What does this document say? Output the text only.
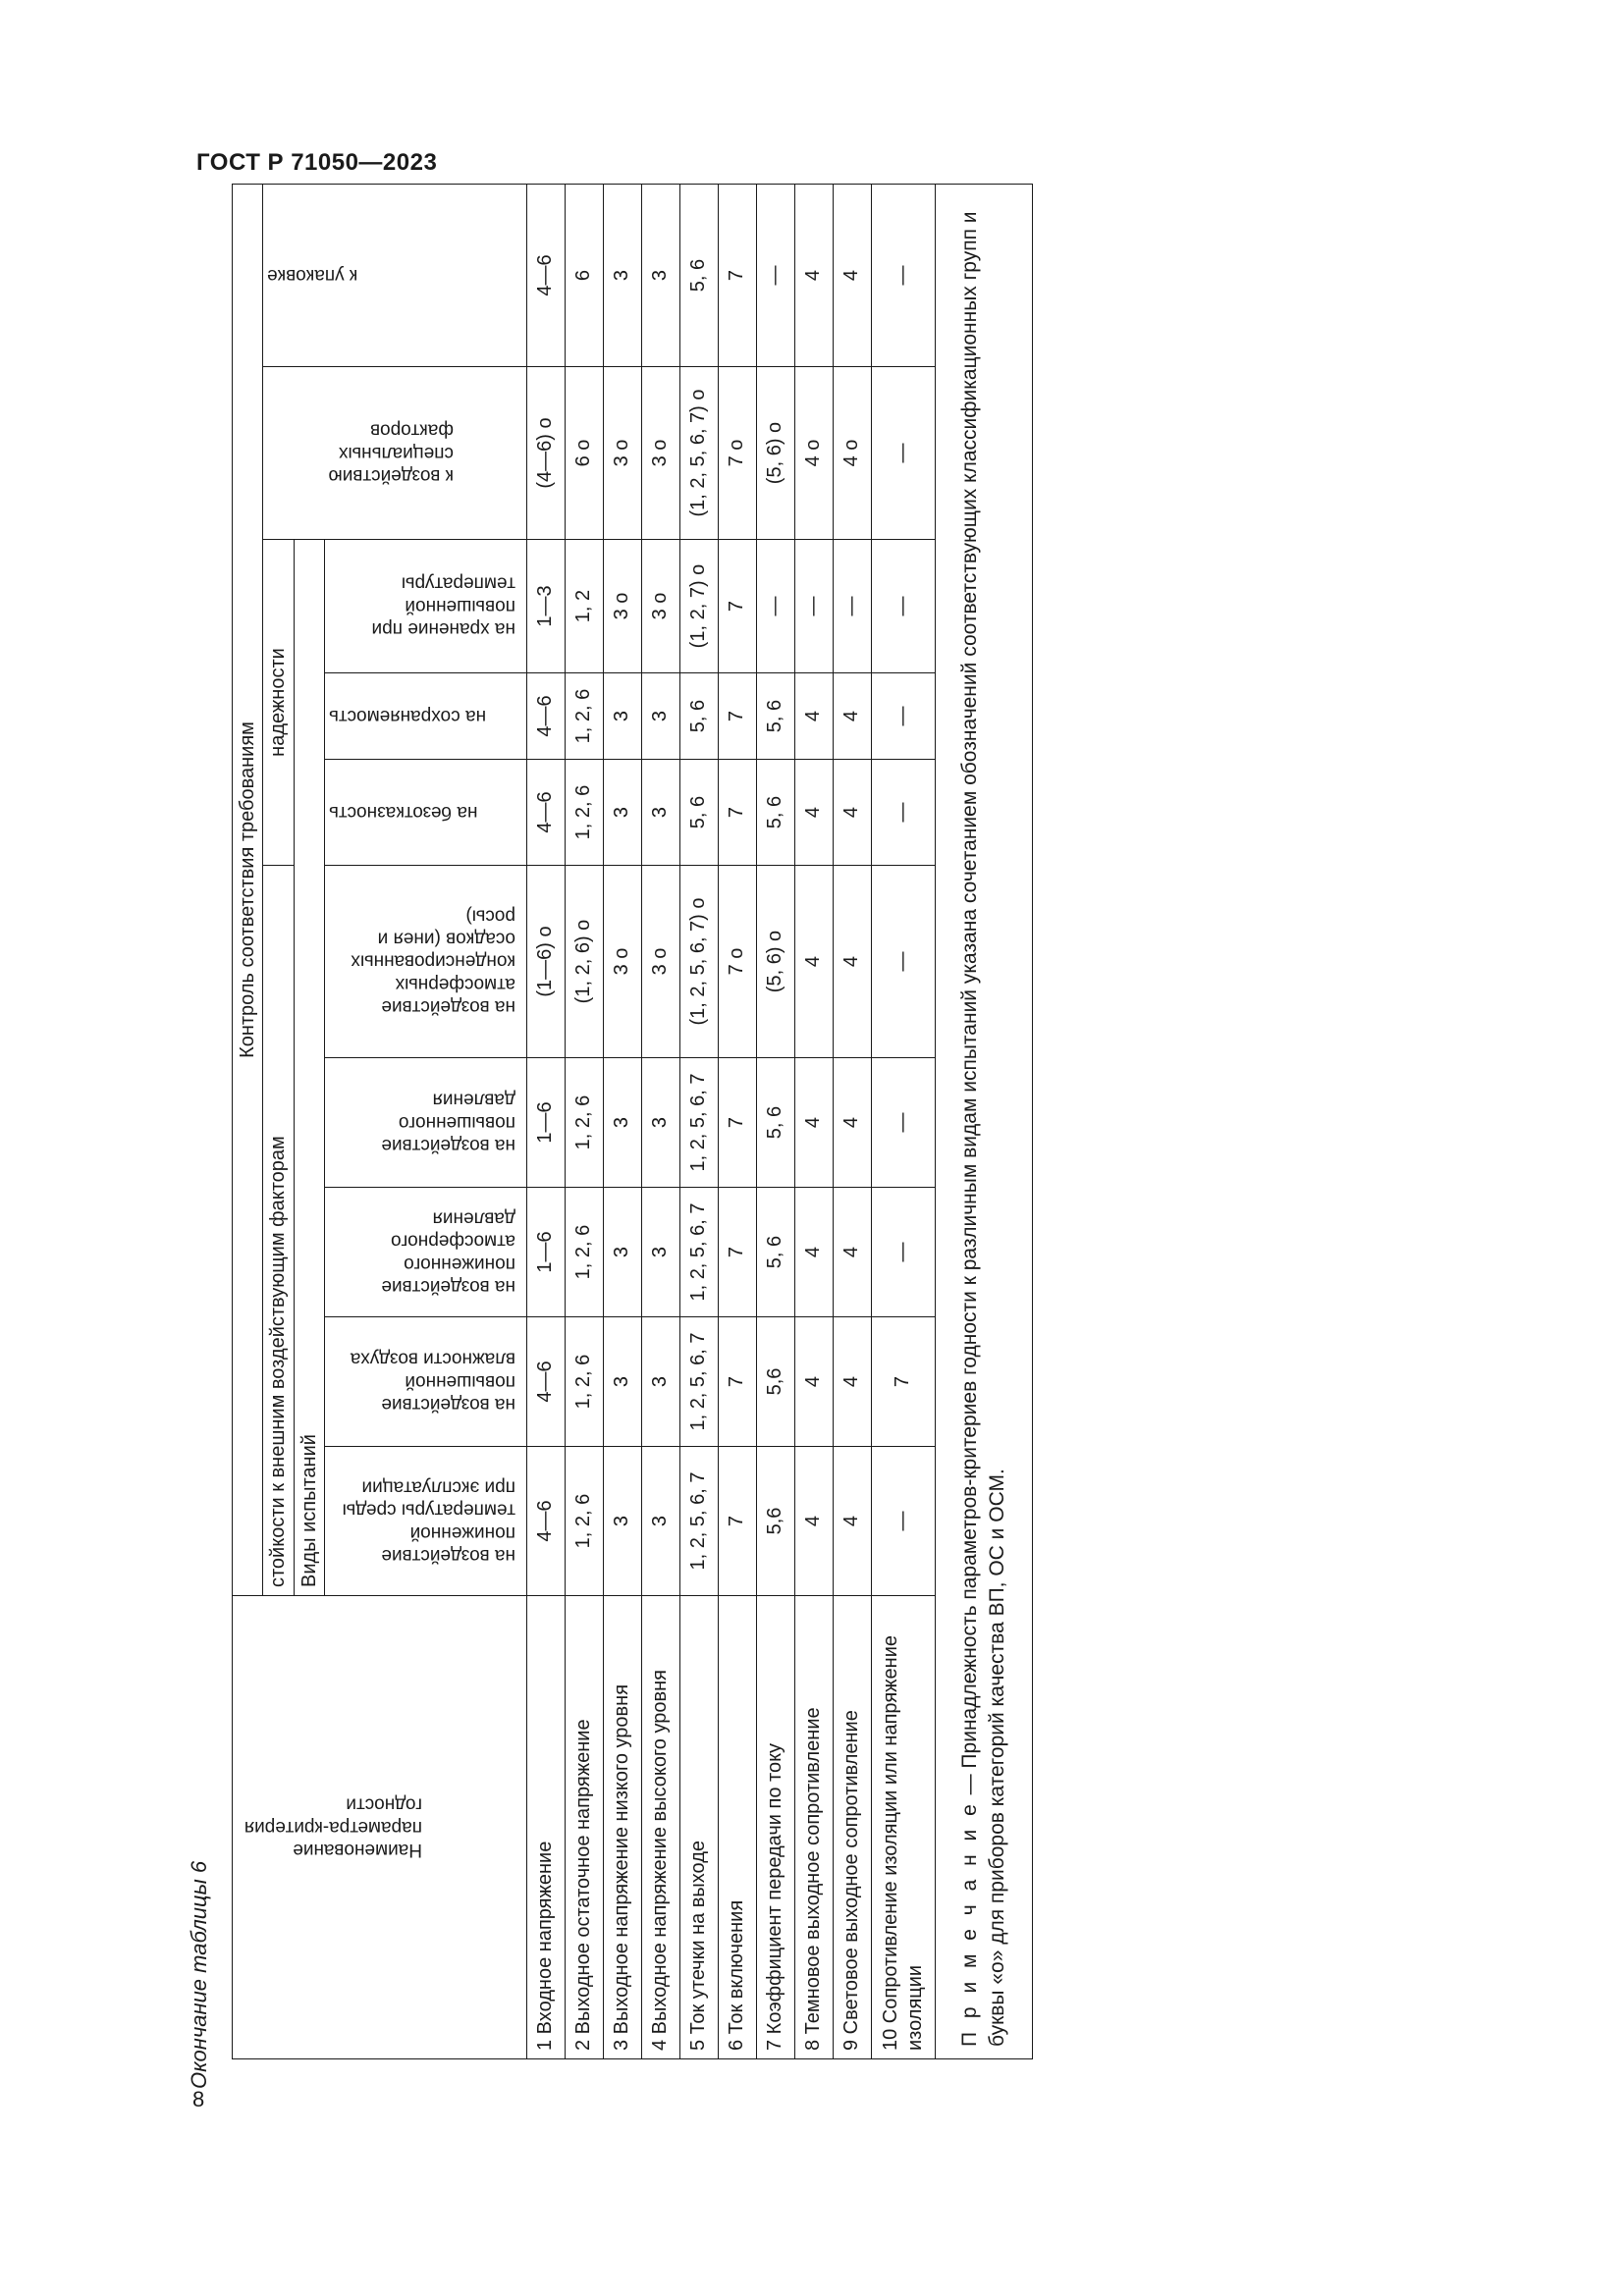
ГОСТ Р 71050—2023
8
Окончание таблицы 6
Наименование параметра-критерия годности	Контроль соответствия требованиям									
	стойкости к внешним воздействующим факторам					надежности			к воздействию специальных факторов	к упаковке
	Виды испытаний									
	на воздействие пониженной температуры среды при эксплуатации	на воздействие повышенной влажности воздуха	на воздействие пониженного атмосферного давления	на воздействие повышенного давления	на воздействие атмосферных конденсированных осадков (инея и росы)	на безотказность	на сохраняемость	на хранение при повышенной температуры		
1 Входное напряжение	4—6	4—6	1—6	1—6	(1—6) о	4—6	4—6	1—3	(4—6) о	4—6
2 Выходное остаточное напряжение	1, 2, 6	1, 2, 6	1, 2, 6	1, 2, 6	(1, 2, 6) о	1, 2, 6	1, 2, 6	1, 2	6 о	6
3 Выходное напряжение низкого уровня	3	3	3	3	3 о	3	3	3 о	3 о	3
4 Выходное напряжение высокого уровня	3	3	3	3	3 о	3	3	3 о	3 о	3
5 Ток утечки на выходе	1, 2, 5, 6, 7	1, 2, 5, 6, 7	1, 2, 5, 6, 7	1, 2, 5, 6, 7	(1, 2, 5, 6, 7) о	5, 6	5, 6	(1, 2, 7) о	(1, 2, 5, 6, 7) о	5, 6
6 Ток включения	7	7	7	7	7 о	7	7	7	7 о	7
7 Коэффициент передачи по току	5,6	5,6	5, 6	5, 6	(5, 6) о	5, 6	5, 6	—	(5, 6) о	—
8 Темновое выходное сопротивление	4	4	4	4	4	4	4	—	4 о	4
9 Световое выходное сопротивление	4	4	4	4	4	4	4	—	4 о	4
10 Сопротивление изоляции или напряжение изоляции	—	7	—	—	—	—	—	—	—	—
П р и м е ч а н и е — Принадлежность параметров-критериев годности к различным видам испытаний указана сочетанием обозначений соответствующих классификационных групп и буквы «о» для приборов категорий качества ВП, ОС и ОСМ.										
